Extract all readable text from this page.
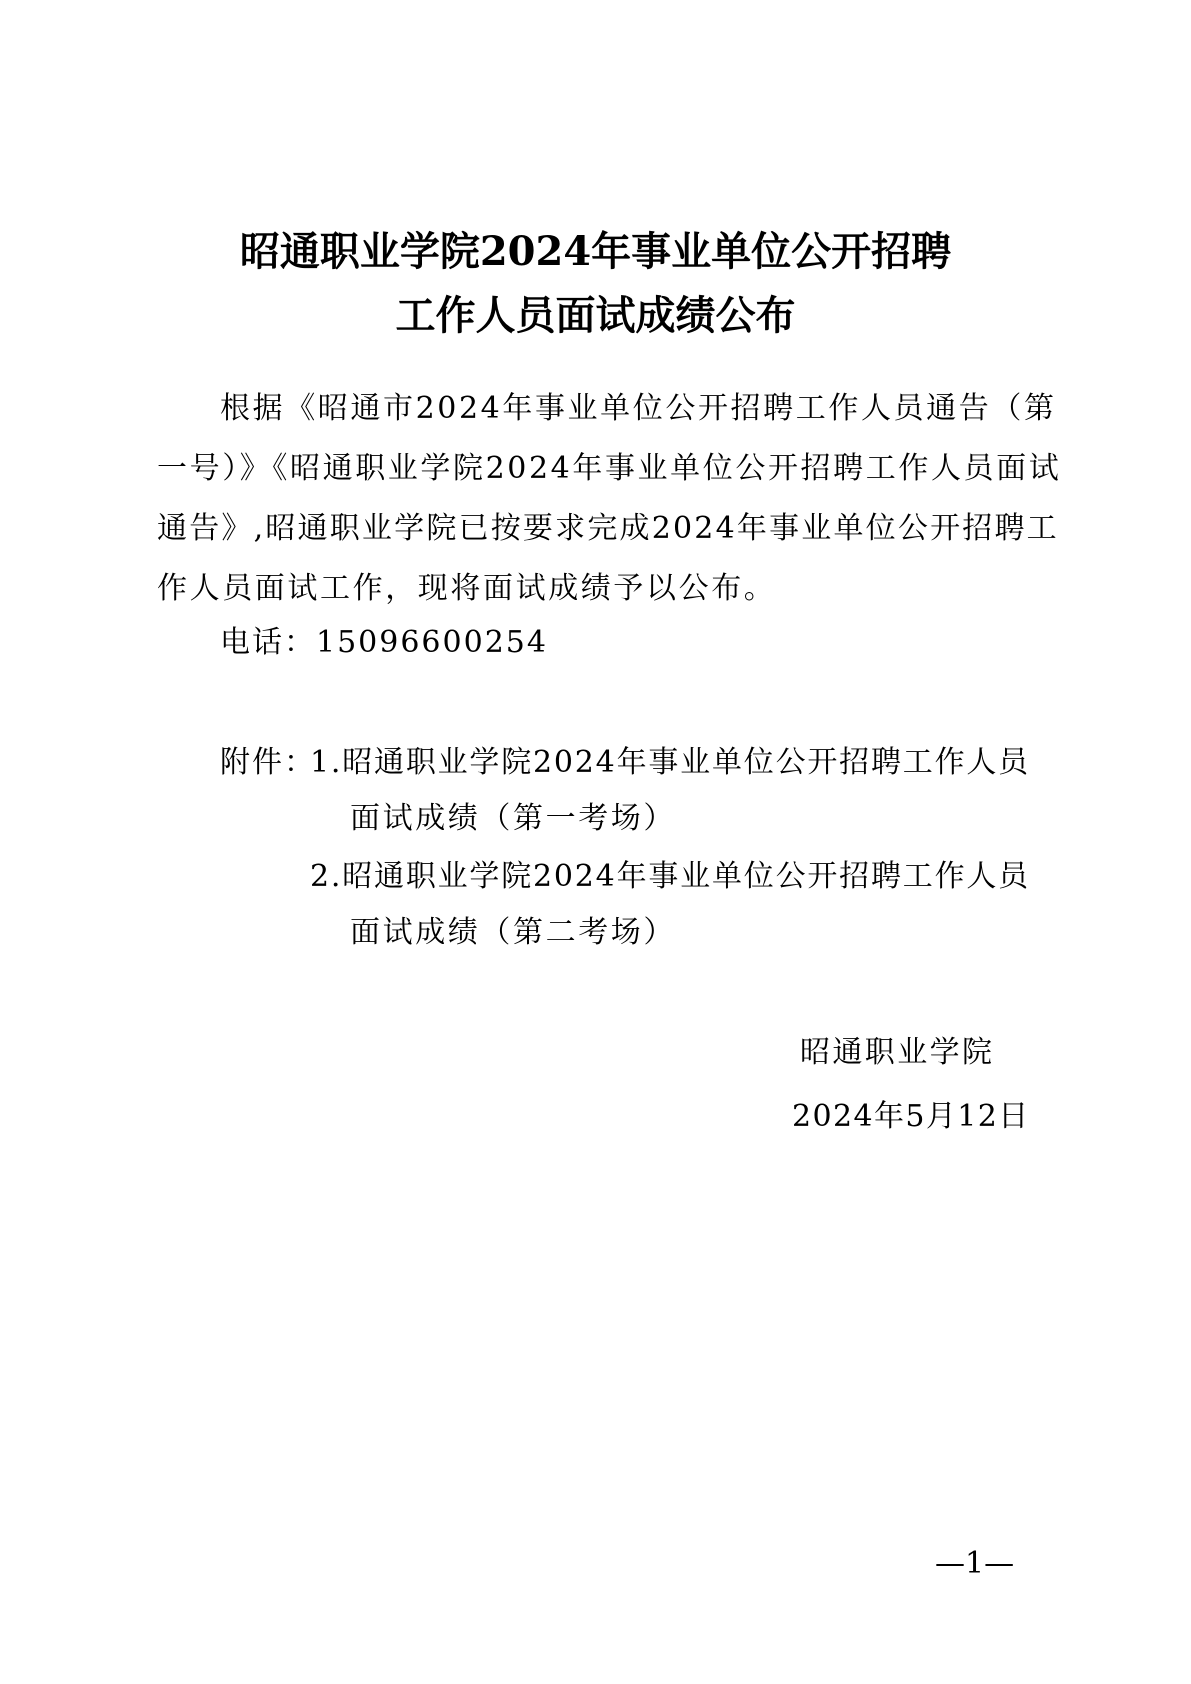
昭通职业学院2024年事业单位公开招聘
工作人员面试成绩公布
根据《昭通市2024年事业单位公开招聘工作人员通告（第
一号）》《昭通职业学院2024年事业单位公开招聘工作人员面试
通告》,昭通职业学院已按要求完成2024年事业单位公开招聘工
作人员面试工作，现将面试成绩予以公布。
电话：15096600254
附件：
1.昭通职业学院2024年事业单位公开招聘工作人员
面试成绩（第一考场）
2.昭通职业学院2024年事业单位公开招聘工作人员
面试成绩（第二考场）
昭通职业学院
2024年5月12日
—1—
